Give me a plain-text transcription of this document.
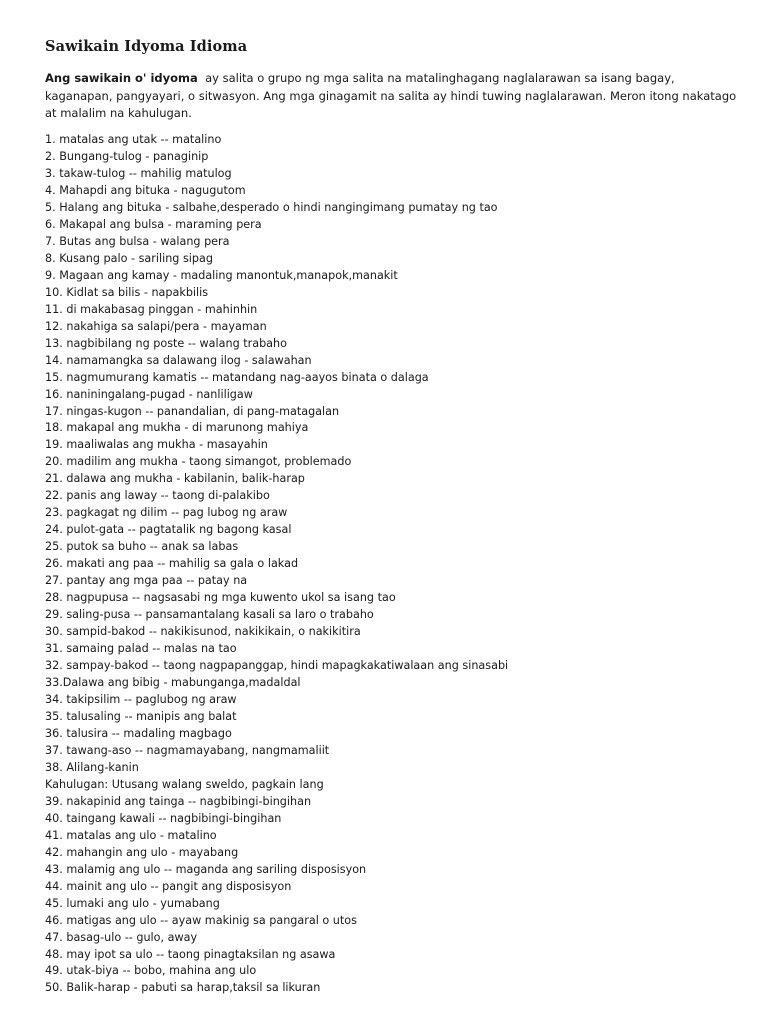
Sawikain Idyoma Idioma

Ang sawikain o' idyoma  ay salita o grupo ng mga salita na matalinghagang naglalarawan sa isang bagay, kaganapan, pangyayari, o sitwasyon. Ang mga ginagamit na salita ay hindi tuwing naglalarawan. Meron itong nakatago at malalim na kahulugan.

1. matalas ang utak -- matalino
2. Bungang-tulog - panaginip
3. takaw-tulog -- mahilig matulog
4. Mahapdi ang bituka - nagugutom
5. Halang ang bituka - salbahe,desperado o hindi nangingimang pumatay ng tao
6. Makapal ang bulsa - maraming pera
7. Butas ang bulsa - walang pera
8. Kusang palo - sariling sipag
9. Magaan ang kamay - madaling manontuk,manapok,manakit
10. Kidlat sa bilis - napakbilis
11. di makabasag pinggan - mahinhin
12. nakahiga sa salapi/pera - mayaman
13. nagbibilang ng poste -- walang trabaho
14. namamangka sa dalawang ilog - salawahan
15. nagmumurang kamatis -- matandang nag-aayos binata o dalaga
16. naniningalang-pugad - nanliligaw
17. ningas-kugon -- panandalian, di pang-matagalan
18. makapal ang mukha - di marunong mahiya
19. maaliwalas ang mukha - masayahin
20. madilim ang mukha - taong simangot, problemado
21. dalawa ang mukha - kabilanin, balik-harap
22. panis ang laway -- taong di-palakibo
23. pagkagat ng dilim -- pag lubog ng araw
24. pulot-gata -- pagtatalik ng bagong kasal
25. putok sa buho -- anak sa labas
26. makati ang paa -- mahilig sa gala o lakad
27. pantay ang mga paa -- patay na
28. nagpupusa -- nagsasabi ng mga kuwento ukol sa isang tao
29. saling-pusa -- pansamantalang kasali sa laro o trabaho
30. sampid-bakod -- nakikisunod, nakikikain, o nakikitira
31. samaing palad -- malas na tao
32. sampay-bakod -- taong nagpapanggap, hindi mapagkakatiwalaan ang sinasabi
33.Dalawa ang bibig - mabunganga,madaldal
34. takipsilim -- paglubog ng araw
35. talusaling -- manipis ang balat
36. talusira -- madaling magbago
37. tawang-aso -- nagmamayabang, nangmamaliit
38. Alilang-kanin
Kahulugan: Utusang walang sweldo, pagkain lang
39. nakapinid ang tainga -- nagbibingi-bingihan
40. taingang kawali -- nagbibingi-bingihan
41. matalas ang ulo - matalino
42. mahangin ang ulo - mayabang
43. malamig ang ulo -- maganda ang sariling disposisyon
44. mainit ang ulo -- pangit ang disposisyon
45. lumaki ang ulo - yumabang
46. matigas ang ulo -- ayaw makinig sa pangaral o utos
47. basag-ulo -- gulo, away
48. may ipot sa ulo -- taong pinagtaksilan ng asawa
49. utak-biya -- bobo, mahina ang ulo
50. Balik-harap - pabuti sa harap,taksil sa likuran
